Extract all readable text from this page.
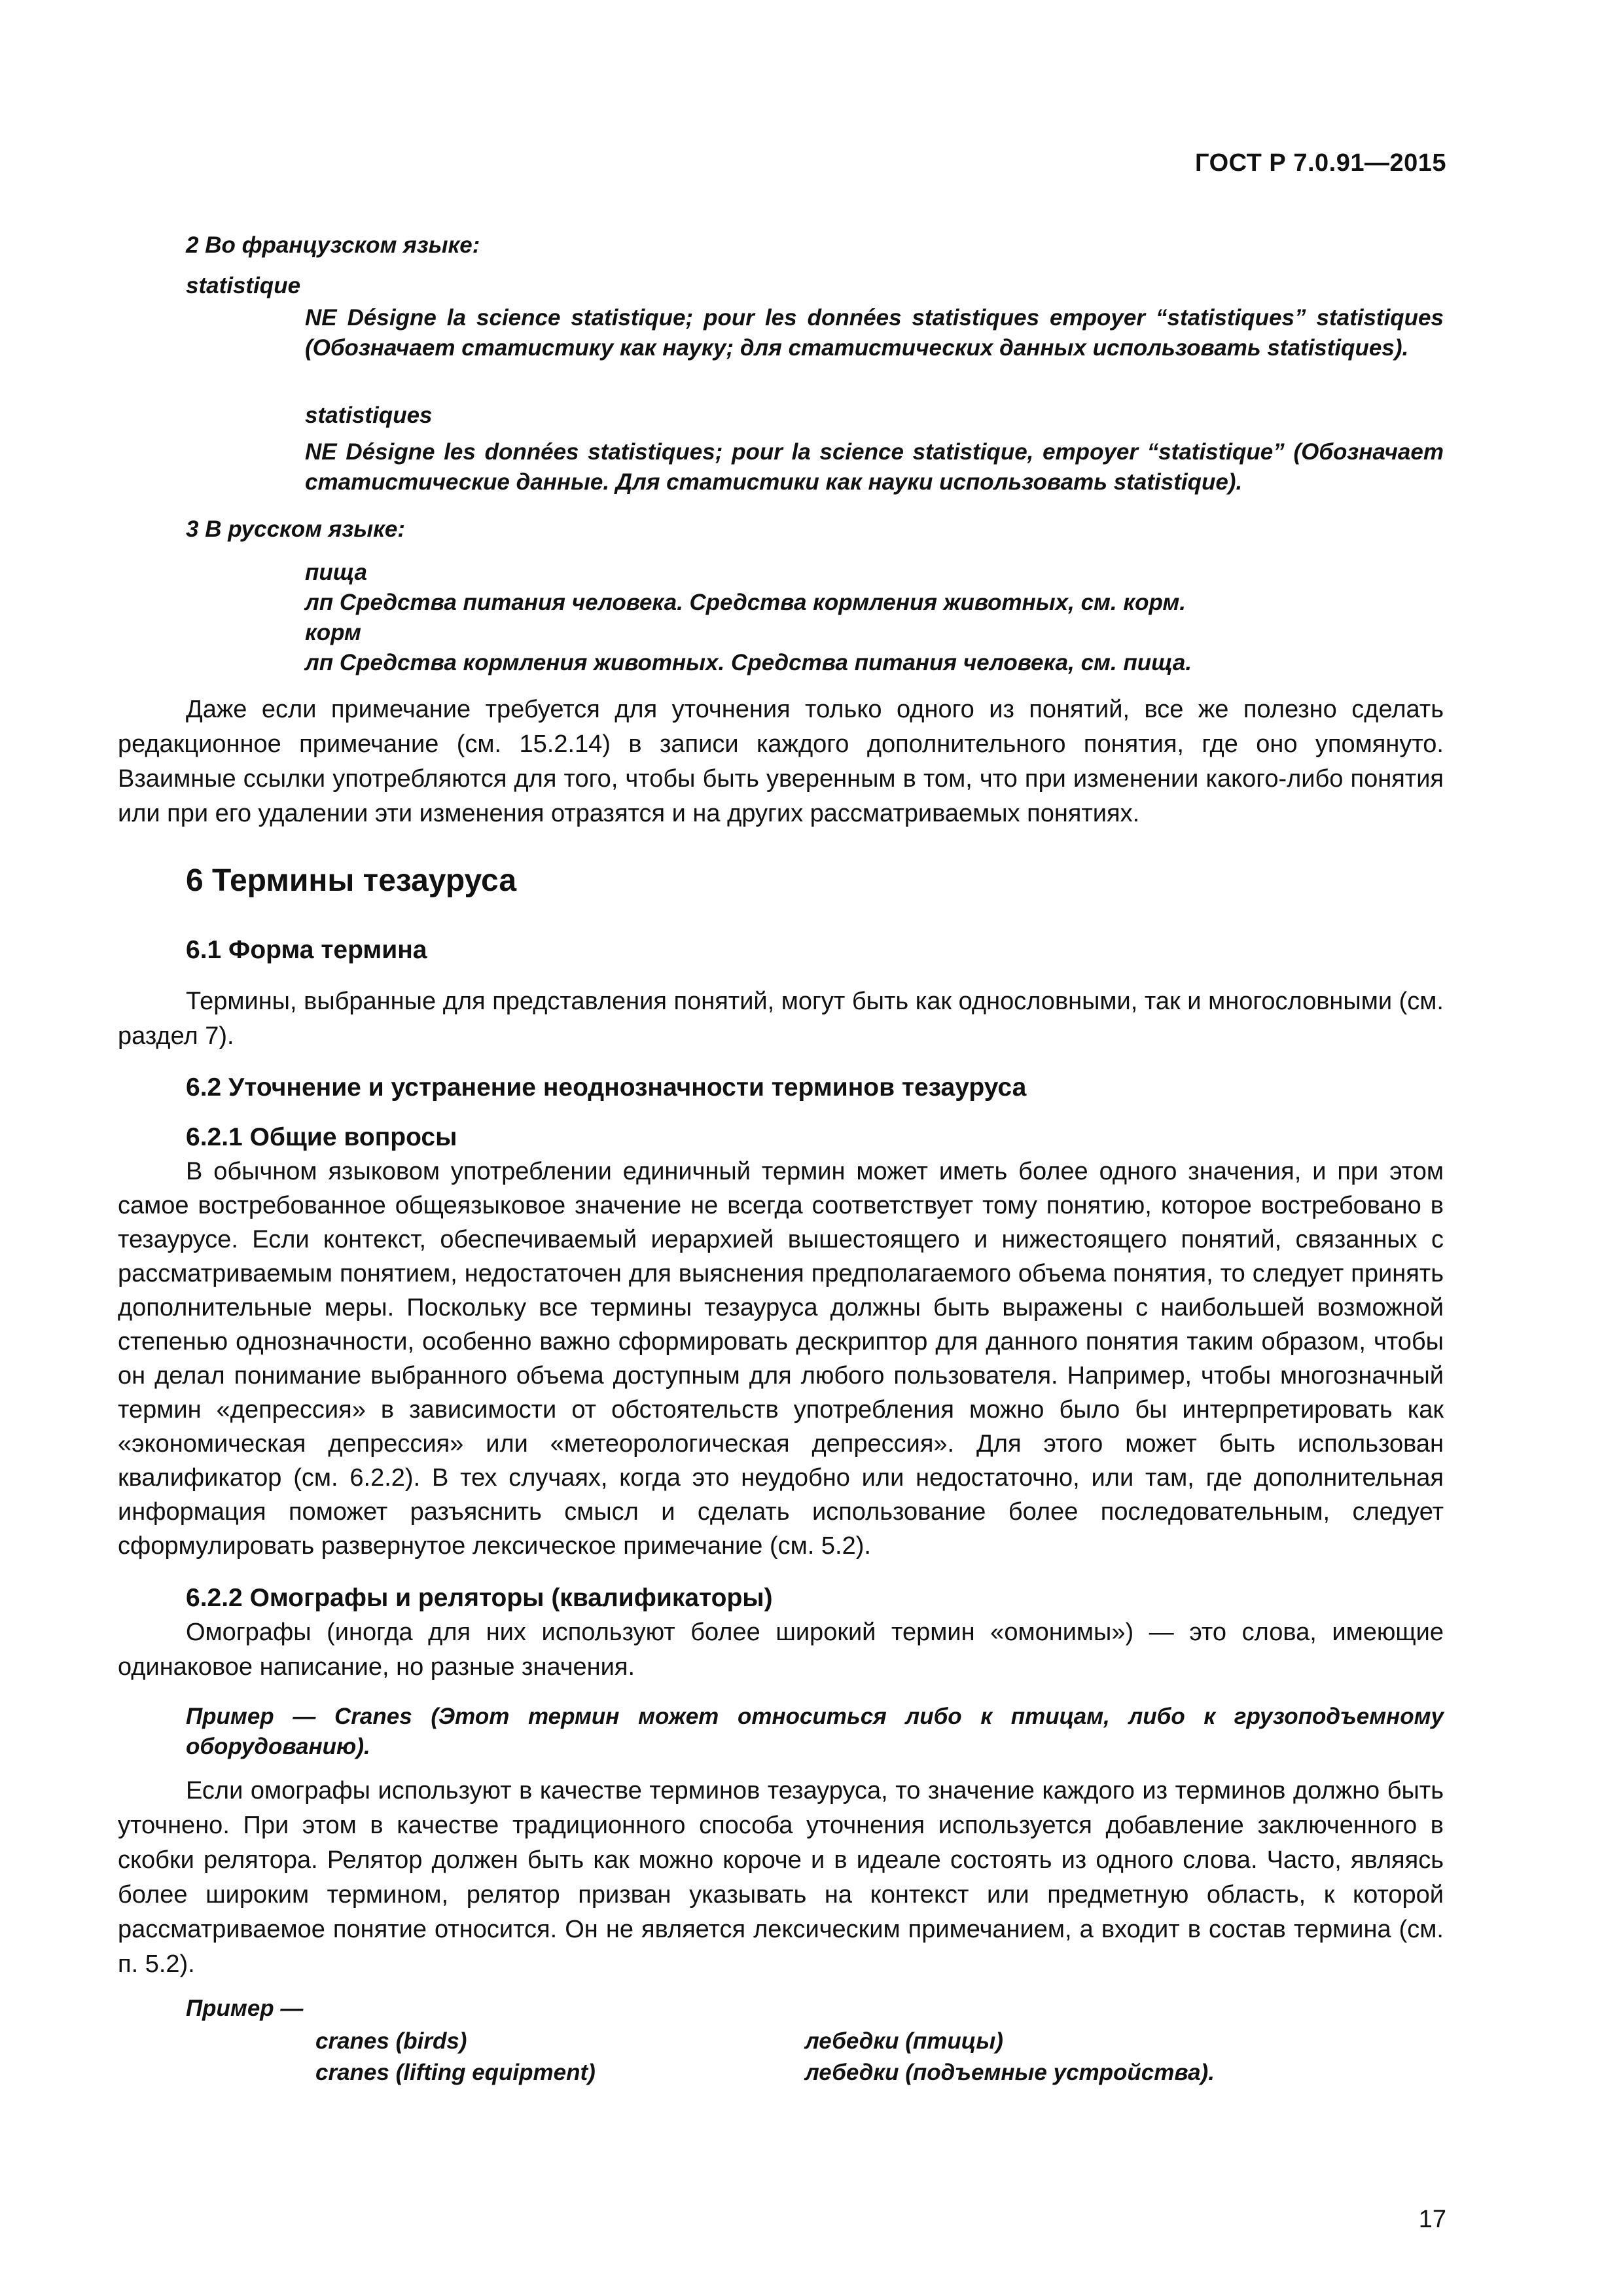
ГОСТ Р 7.0.91—2015

2 Во французском языке:

statistique

NE Désigne la science statistique; pour les données statistiques empoyer “statistiques” statistiques (Обозначает статистику как науку; для статистических данных использовать statistiques).

statistiques

NE Désigne les données statistiques; pour la science statistique, empoyer “statistique” (Обозначает статистические данные. Для статистики как науки использовать statistique).

3 В русском языке:

пища

лп Средства питания человека. Средства кормления животных, см. корм.

корм

лп Средства кормления животных. Средства питания человека, см. пища.

Даже если примечание требуется для уточнения только одного из понятий, все же полезно сделать редакционное примечание (см. 15.2.14) в записи каждого дополнительного понятия, где оно упомянуто. Взаимные ссылки употребляются для того, чтобы быть уверенным в том, что при изменении какого-либо понятия или при его удалении эти изменения отразятся и на других рассматриваемых понятиях.

6 Термины тезауруса

6.1 Форма термина

Термины, выбранные для представления понятий, могут быть как однословными, так и многословными (см. раздел 7).

6.2 Уточнение и устранение неоднозначности терминов тезауруса

6.2.1 Общие вопросы

В обычном языковом употреблении единичный термин может иметь более одного значения, и при этом самое востребованное общеязыковое значение не всегда соответствует тому понятию, которое востребовано в тезаурусе. Если контекст, обеспечиваемый иерархией вышестоящего и нижестоящего понятий, связанных с рассматриваемым понятием, недостаточен для выяснения предполагаемого объема понятия, то следует принять дополнительные меры. Поскольку все термины тезауруса должны быть выражены с наибольшей возможной степенью однозначности, особенно важно сформировать дескриптор для данного понятия таким образом, чтобы он делал понимание выбранного объема доступным для любого пользователя. Например, чтобы многозначный термин «депрессия» в зависимости от обстоятельств употребления можно было бы интерпретировать как «экономическая депрессия» или «метеорологическая депрессия». Для этого может быть использован квалификатор (см. 6.2.2). В тех случаях, когда это неудобно или недостаточно, или там, где дополнительная информация поможет разъяснить смысл и сделать использование более последовательным, следует сформулировать развернутое лексическое примечание (см. 5.2).

6.2.2 Омографы и реляторы (квалификаторы)

Омографы (иногда для них используют более широкий термин «омонимы») — это слова, имеющие одинаковое написание, но разные значения.

Пример — Cranes (Этот термин может относиться либо к птицам, либо к грузоподъемному оборудованию).

Если омографы используют в качестве терминов тезауруса, то значение каждого из терминов должно быть уточнено. При этом в качестве традиционного способа уточнения используется добавление заключенного в скобки релятора. Релятор должен быть как можно короче и в идеале состоять из одного слова. Часто, являясь более широким термином, релятор призван указывать на контекст или предметную область, к которой рассматриваемое понятие относится. Он не является лексическим примечанием, а входит в состав термина (см. п. 5.2).

Пример —

cranes (birds)	лебедки (птицы)
cranes (lifting equipment)	лебедки (подъемные устройства).
17
